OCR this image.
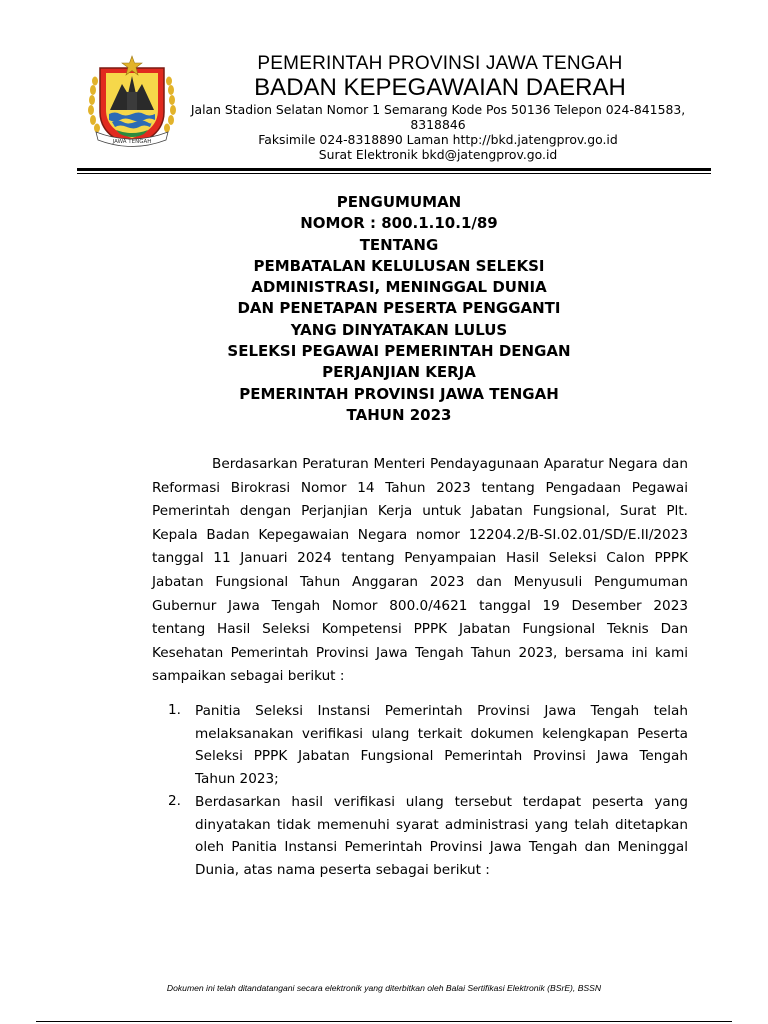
JAWA TENGAH
PEMERINTAH PROVINSI JAWA TENGAH
BADAN KEPEGAWAIAN DAERAH
Jalan Stadion Selatan Nomor 1 Semarang Kode Pos 50136 Telepon 024-841583,
8318846
Faksimile 024-8318890 Laman http://bkd.jatengprov.go.id
Surat Elektronik bkd@jatengprov.go.id
PENGUMUMAN
NOMOR : 800.1.10.1/89
TENTANG
PEMBATALAN KELULUSAN SELEKSI
ADMINISTRASI, MENINGGAL DUNIA
DAN PENETAPAN PESERTA PENGGANTI
YANG DINYATAKAN LULUS
SELEKSI PEGAWAI PEMERINTAH DENGAN
PERJANJIAN KERJA
PEMERINTAH PROVINSI JAWA TENGAH
TAHUN 2023
Berdasarkan Peraturan Menteri Pendayagunaan Aparatur Negara dan
Reformasi Birokrasi Nomor 14 Tahun 2023 tentang Pengadaan Pegawai
Pemerintah dengan Perjanjian Kerja untuk Jabatan Fungsional, Surat Plt.
Kepala Badan Kepegawaian Negara nomor 12204.2/B-SI.02.01/SD/E.II/2023
tanggal 11 Januari 2024 tentang Penyampaian Hasil Seleksi Calon PPPK
Jabatan Fungsional Tahun Anggaran 2023 dan Menyusuli Pengumuman
Gubernur Jawa Tengah Nomor 800.0/4621 tanggal 19 Desember 2023
tentang Hasil Seleksi Kompetensi PPPK Jabatan Fungsional Teknis Dan
Kesehatan Pemerintah Provinsi Jawa Tengah Tahun 2023, bersama ini kami
sampaikan sebagai berikut :
1. Panitia Seleksi Instansi Pemerintah Provinsi Jawa Tengah telah
melaksanakan verifikasi ulang terkait dokumen kelengkapan Peserta
Seleksi PPPK Jabatan Fungsional Pemerintah Provinsi Jawa Tengah
Tahun 2023;
2. Berdasarkan hasil verifikasi ulang tersebut terdapat peserta yang
dinyatakan tidak memenuhi syarat administrasi yang telah ditetapkan
oleh Panitia Instansi Pemerintah Provinsi Jawa Tengah dan Meninggal
Dunia, atas nama peserta sebagai berikut :
Dokumen ini telah ditandatangani secara elektronik yang diterbitkan oleh Balai Sertifikasi Elektronik (BSrE), BSSN
